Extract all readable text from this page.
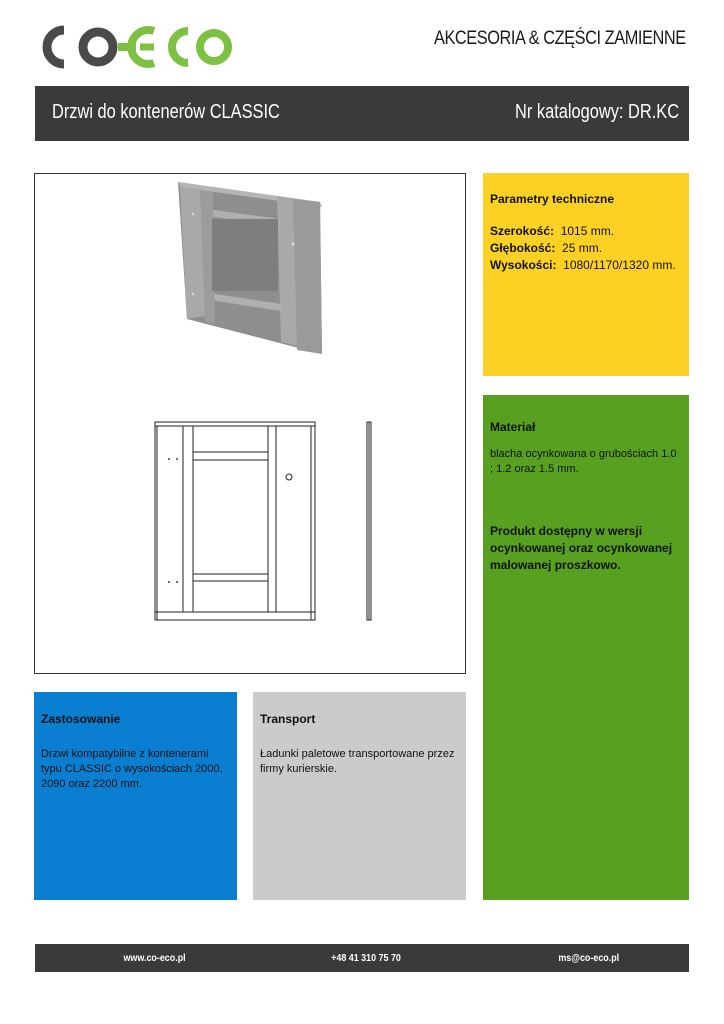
AKCESORIA & CZĘŚCI ZAMIENNE
Drzwi do kontenerów CLASSIC	Nr katalogowy: DR.KC
Parametry techniczne
Szerokość: 1015 mm.
Głębokość: 25 mm.
Wysokości: 1080/1170/1320 mm.
Materiał
blacha ocynkowana o grubościach 1.0 ; 1.2 oraz 1.5 mm.
Produkt dostępny w wersji ocynkowanej oraz ocynkowanej malowanej proszkowo.
Zastosowanie
Drzwi kompatybilne z kontenerami typu CLASSIC o wysokościach 2000, 2090 oraz 2200 mm.
Transport
Ładunki paletowe transportowane przez firmy kurierskie.
www.co-eco.pl	+48 41 310 75 70	ms@co-eco.pl
